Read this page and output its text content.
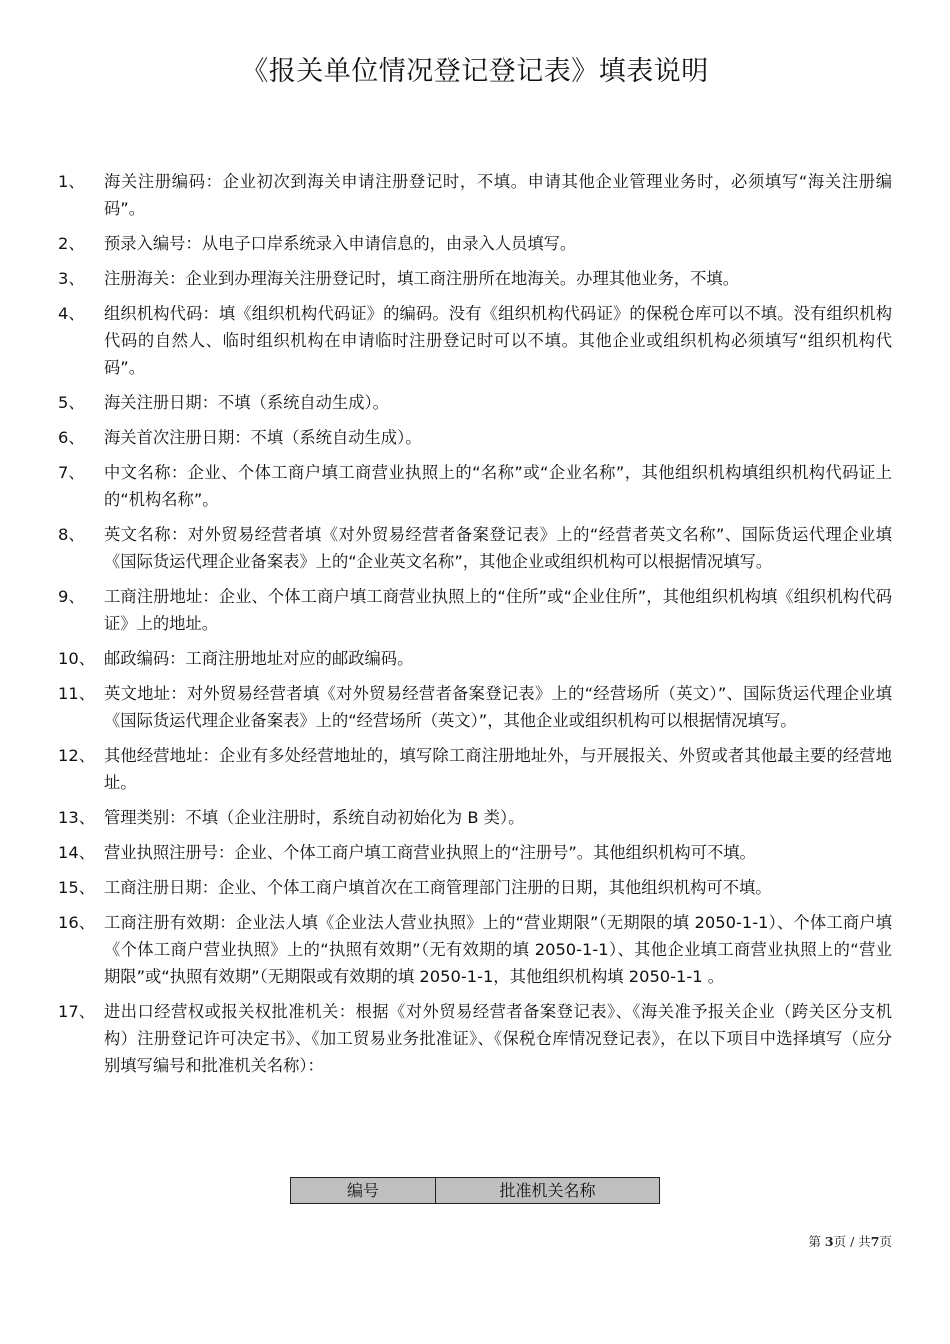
《报关单位情况登记登记表》填表说明
1、	海关注册编码：企业初次到海关申请注册登记时，不填。申请其他企业管理业务时，必须填写“海关注册编码”。
2、	预录入编号：从电子口岸系统录入申请信息的，由录入人员填写。
3、	注册海关：企业到办理海关注册登记时，填工商注册所在地海关。办理其他业务，不填。
4、	组织机构代码：填《组织机构代码证》的编码。没有《组织机构代码证》的保税仓库可以不填。没有组织机构代码的自然人、临时组织机构在申请临时注册登记时可以不填。其他企业或组织机构必须填写“组织机构代码”。
5、	海关注册日期：不填（系统自动生成）。
6、	海关首次注册日期：不填（系统自动生成）。
7、	中文名称：企业、个体工商户填工商营业执照上的“名称”或“企业名称”，其他组织机构填组织机构代码证上的“机构名称”。
8、	英文名称：对外贸易经营者填《对外贸易经营者备案登记表》上的“经营者英文名称”、国际货运代理企业填《国际货运代理企业备案表》上的“企业英文名称”，其他企业或组织机构可以根据情况填写。
9、	工商注册地址：企业、个体工商户填工商营业执照上的“住所”或“企业住所”，其他组织机构填《组织机构代码证》上的地址。
10、 邮政编码：工商注册地址对应的邮政编码。
11、 英文地址：对外贸易经营者填《对外贸易经营者备案登记表》上的“经营场所（英文）”、国际货运代理企业填《国际货运代理企业备案表》上的“经营场所（英文）”，其他企业或组织机构可以根据情况填写。
12、 其他经营地址：企业有多处经营地址的，填写除工商注册地址外，与开展报关、外贸或者其他最主要的经营地址。
13、 管理类别：不填（企业注册时，系统自动初始化为 B 类）。
14、 营业执照注册号：企业、个体工商户填工商营业执照上的“注册号”。其他组织机构可不填。
15、 工商注册日期：企业、个体工商户填首次在工商管理部门注册的日期，其他组织机构可不填。
16、 工商注册有效期：企业法人填《企业法人营业执照》上的“营业期限”（无期限的填 2050-1-1）、个体工商户填《个体工商户营业执照》上的“执照有效期”（无有效期的填 2050-1-1）、其他企业填工商营业执照上的“营业期限”或“执照有效期”（无期限或有效期的填 2050-1-1，其他组织机构填 2050-1-1 。
17、 进出口经营权或报关权批准机关：根据《对外贸易经营者备案登记表》、《海关准予报关企业（跨关区分支机构）注册登记许可决定书》、《加工贸易业务批准证》、《保税仓库情况登记表》，在以下项目中选择填写（应分别填写编号和批准机关名称）：
编号	批准机关名称
第 3页 / 共7页
